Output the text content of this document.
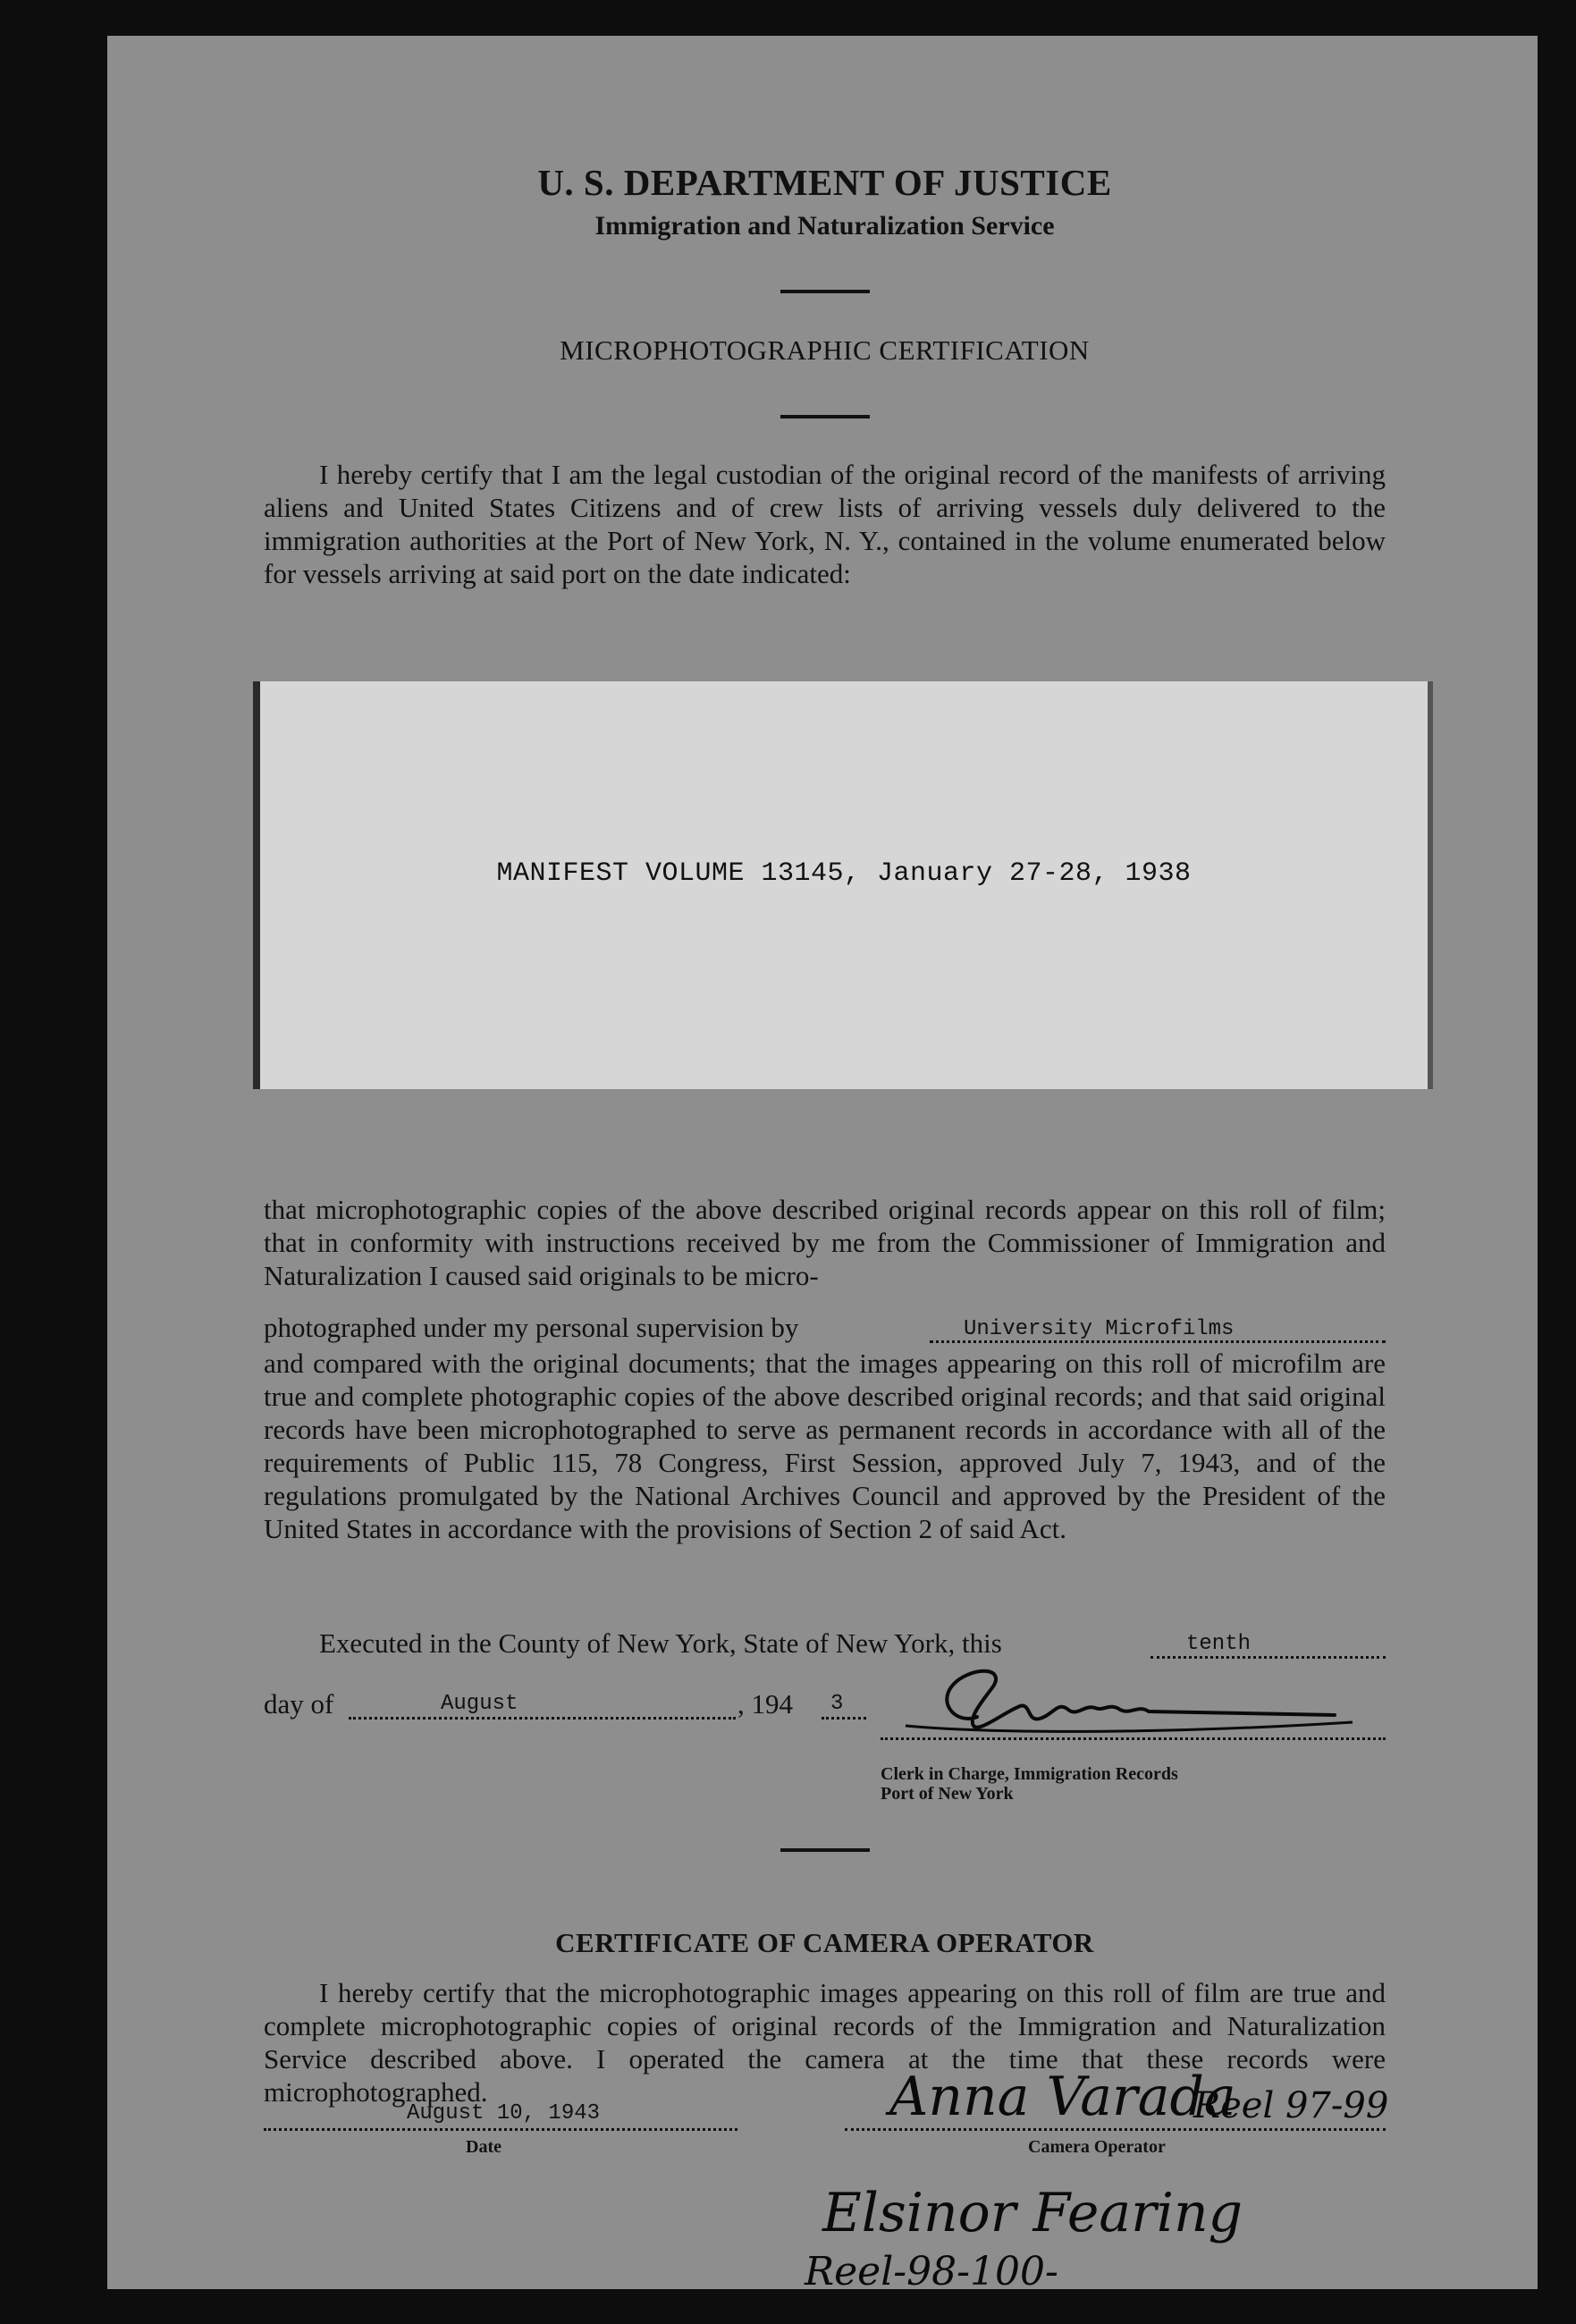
U. S. DEPARTMENT OF JUSTICE
Immigration and Naturalization Service
MICROPHOTOGRAPHIC CERTIFICATION

I hereby certify that I am the legal custodian of the original record of the manifests of arriving aliens and United States Citizens and of crew lists of arriving vessels duly delivered to the immigration authorities at the Port of New York, N. Y., contained in the volume enumerated below for vessels arriving at said port on the date indicated:

that microphotographic copies of the above described original records appear on this roll of film; that in conformity with instructions received by me from the Commissioner of Immigration and Naturalization I caused said originals to be micro-

photographed under my personal supervision by	University Microfilms

and compared with the original documents; that the images appearing on this roll of microfilm are true and complete photographic copies of the above described original records; and that said original records have been microphotographed to serve as permanent records in accordance with all of the requirements of Public 115, 78 Congress, First Session, approved July 7, 1943, and of the regulations promulgated by the National Archives Council and approved by the President of the United States in accordance with the provisions of Section 2 of said Act.

Executed in the County of New York, State of New York, this	tenth
day of	August	, 194 3
Clerk in Charge, Immigration Records
Port of New York
CERTIFICATE OF CAMERA OPERATOR

I hereby certify that the microphotographic images appearing on this roll of film are true and complete microphotographic copies of original records of the Immigration and Naturalization Service described above. I operated the camera at the time that these records were microphotographed.

August 10, 1943
Date
Anna Varada
Reel 97-99
Camera Operator
Elsinor Fearing
Reel-98-100-
MANIFEST VOLUME 13145, January 27-28, 1938
